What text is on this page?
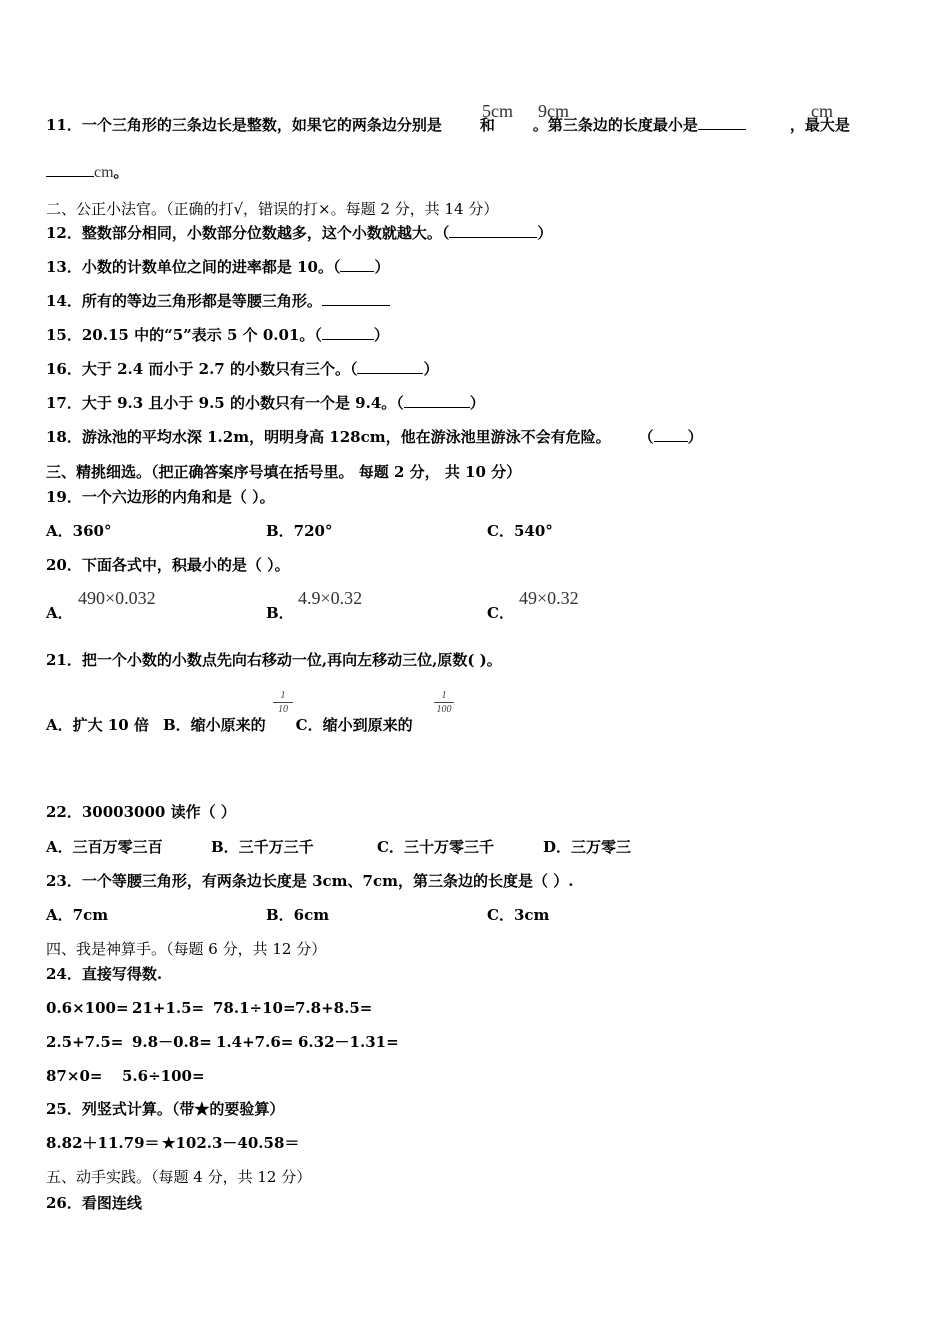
11．一个三角形的三条边长是整数，如果它的两条边分别是	和	。第三条边的长度最小是	，最大是
5cm 9cm	cm
cm。
二、公正小法官。（正确的打√，错误的打×。每题 2 分，共 14 分）
12．整数部分相同，小数部分位数越多，这个小数就越大。（	）
13．小数的计数单位之间的进率都是 10。（ ）
14．所有的等边三角形都是等腰三角形。
15．20.15 中的“5”表示 5 个 0.01。（	）
16．大于 2.4 而小于 2.7 的小数只有三个。（	）
17．大于 9.3 且小于 9.5 的小数只有一个是 9.4。（	）
18．游泳池的平均水深 1.2m，明明身高 128cm，他在游泳池里游泳不会有危险。 （ ）
三、精挑细选。（把正确答案序号填在括号里。 每题 2 分， 共 10 分）
19．一个六边形的内角和是（ ）。
A．360°	B．720°	C．540°
20．下面各式中，积最小的是（ ）。
A．
490×0.032
B．
4.9×0.32
C．
49×0.32
21．把一个小数的小数点先向右移动一位,再向左移动三位,原数( )。
A．扩大 10 倍 B．缩小原来的 C．缩小到原来的
1
10
1
100
22．30003000 读作（ ）
A．三百万零三百	B．三千万三千	C．三十万零三千	D．三万零三
23．一个等腰三角形，有两条边长度是 3cm、7cm，第三条边的长度是（ ）.
A．7cm	B．6cm	C．3cm
四、我是神算手。（每题 6 分，共 12 分）
24．直接写得数.
0.6×100= 21+1.5= 78.1÷10= 7.8+8.5=
2.5+7.5= 9.8－0.8= 1.4+7.6= 6.32－1.31=
87×0= 5.6÷100=
25．列竖式计算。（带★的要验算）
8.82＋11.79＝ ★102.3－40.58＝
五、动手实践。（每题 4 分，共 12 分）
26．看图连线
